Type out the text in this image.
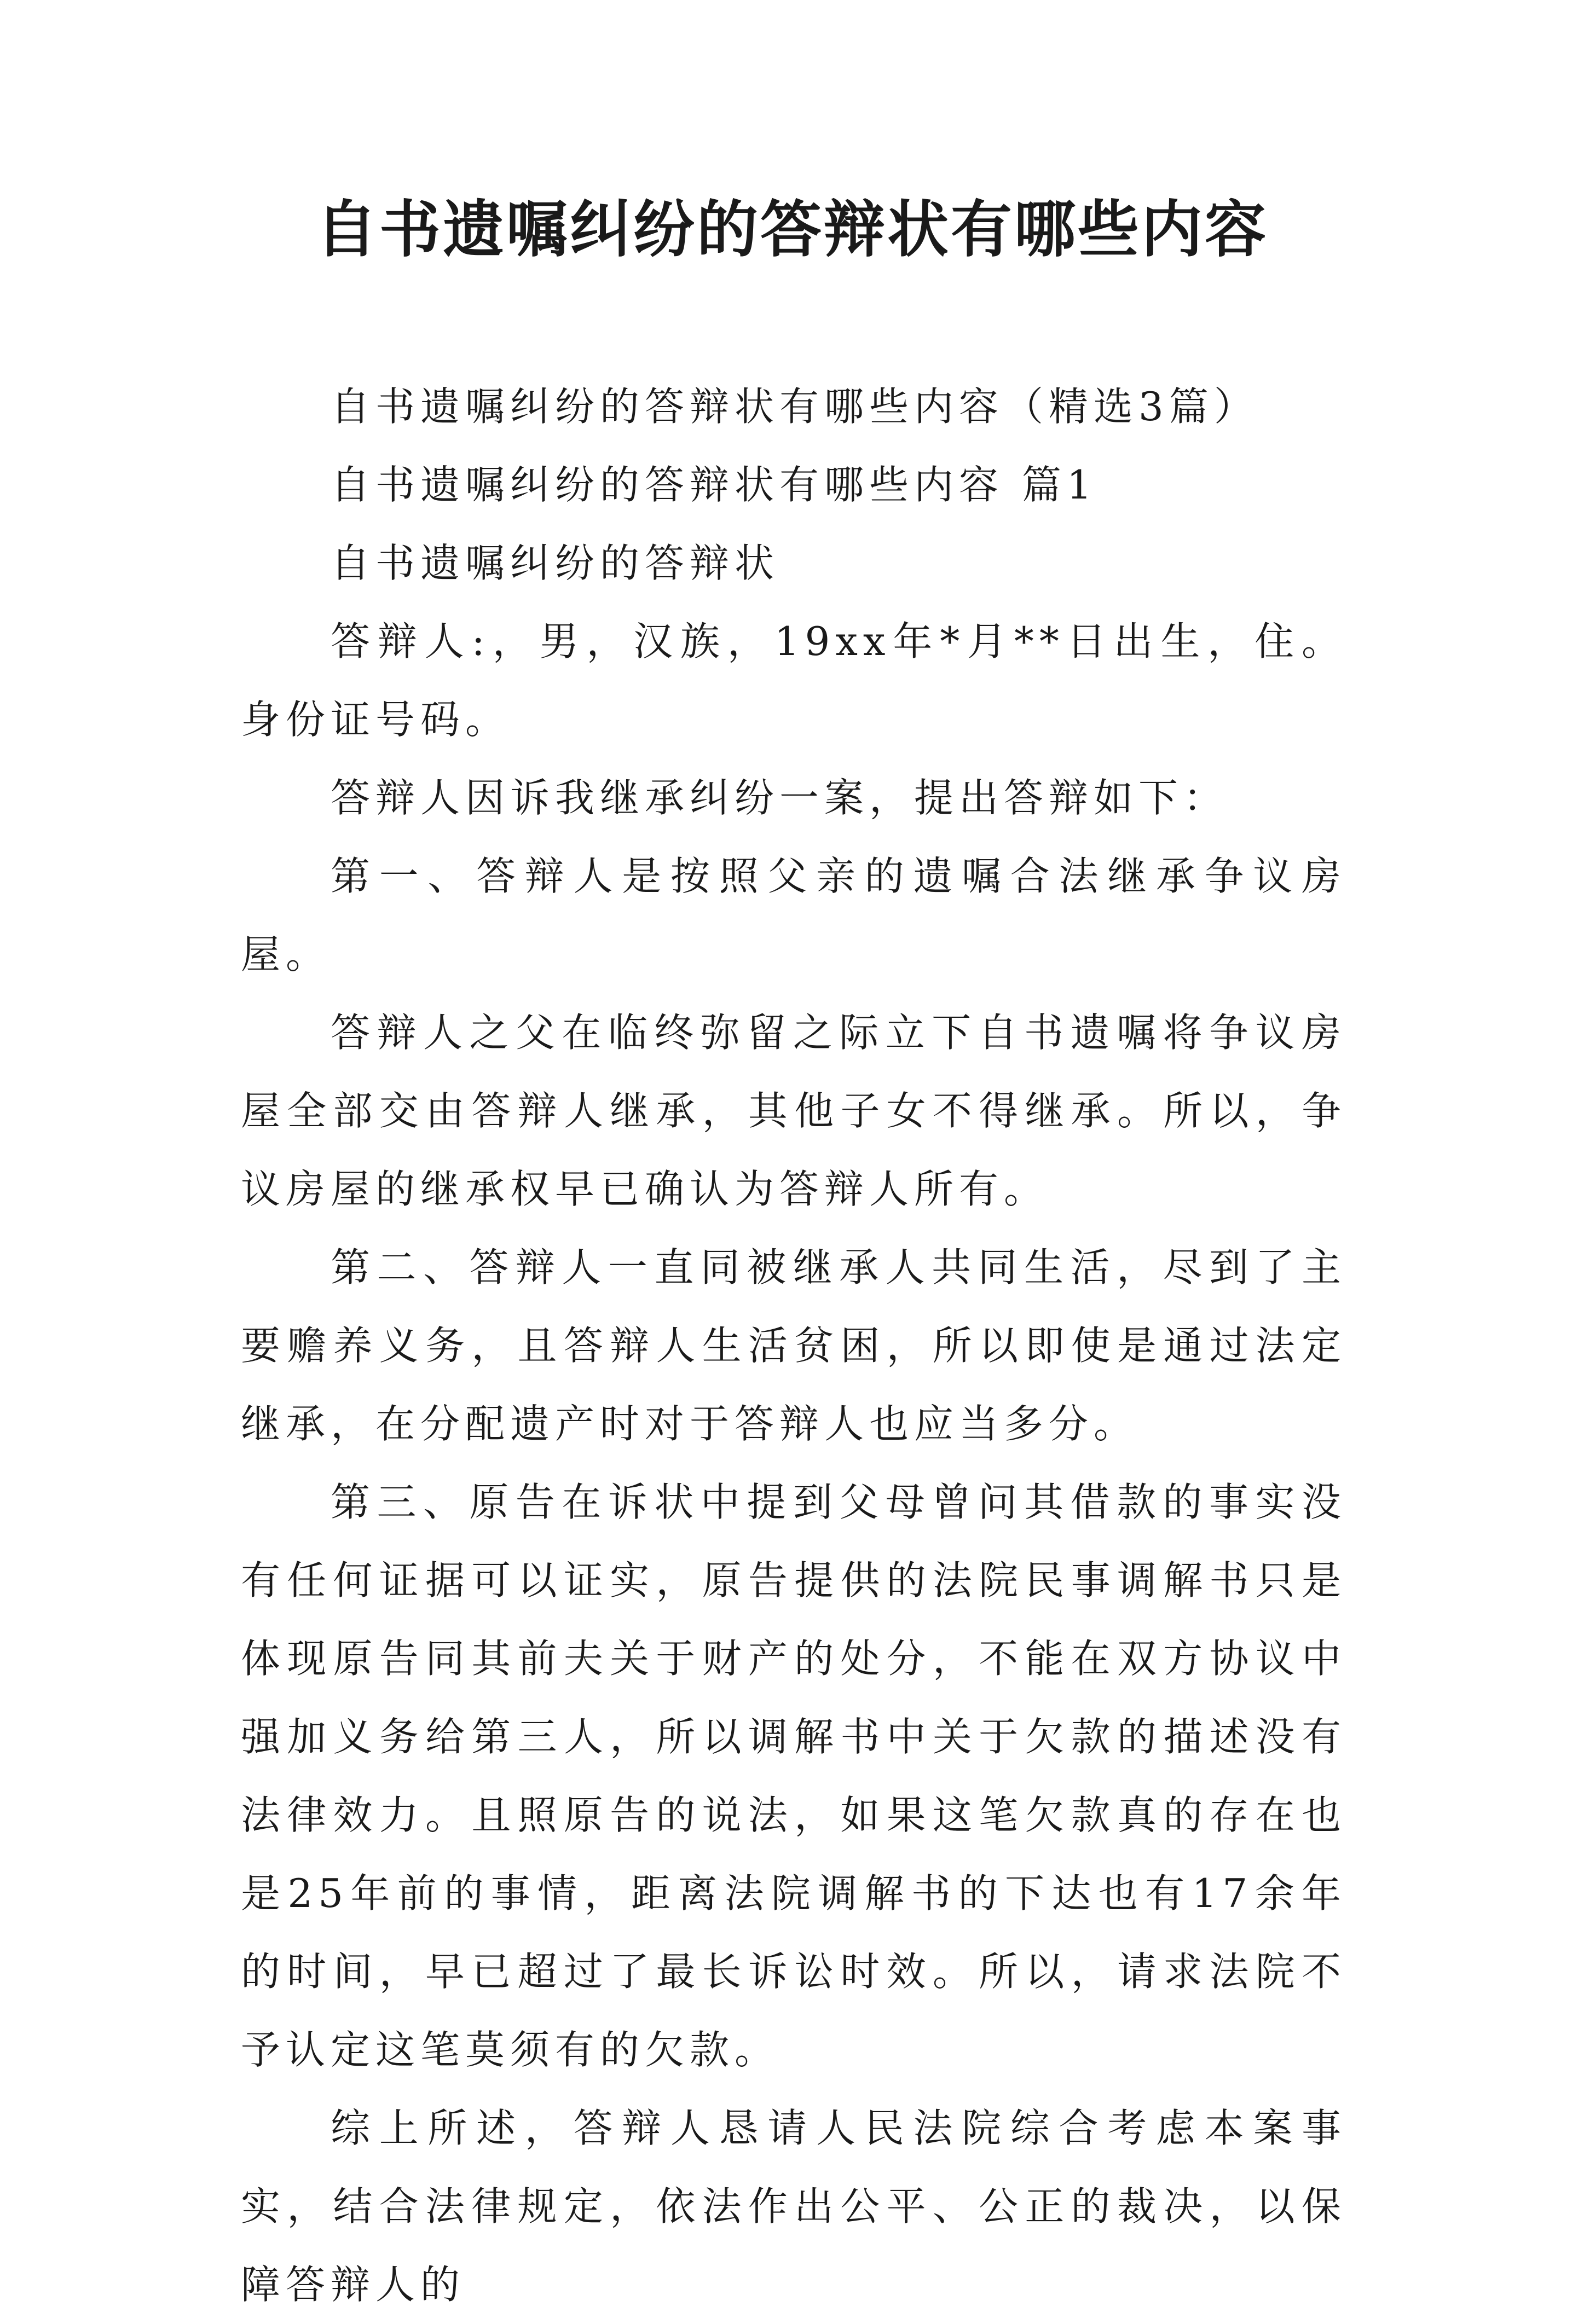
自书遗嘱纠纷的答辩状有哪些内容

自书遗嘱纠纷的答辩状有哪些内容（精选3篇）

自书遗嘱纠纷的答辩状有哪些内容 篇1

自书遗嘱纠纷的答辩状

答辩人:，男，汉族，19xx年*月**日出生，住。身份证号码。

答辩人因诉我继承纠纷一案，提出答辩如下：

第一、答辩人是按照父亲的遗嘱合法继承争议房屋。

答辩人之父在临终弥留之际立下自书遗嘱将争议房屋全部交由答辩人继承，其他子女不得继承。所以，争议房屋的继承权早已确认为答辩人所有。

第二、答辩人一直同被继承人共同生活，尽到了主要赡养义务，且答辩人生活贫困，所以即使是通过法定继承，在分配遗产时对于答辩人也应当多分。

第三、原告在诉状中提到父母曾问其借款的事实没有任何证据可以证实，原告提供的法院民事调解书只是体现原告同其前夫关于财产的处分，不能在双方协议中强加义务给第三人，所以调解书中关于欠款的描述没有法律效力。且照原告的说法，如果这笔欠款真的存在也是25年前的事情，距离法院调解书的下达也有17余年的时间，早已超过了最长诉讼时效。所以，请求法院不予认定这笔莫须有的欠款。

综上所述，答辩人恳请人民法院综合考虑本案事实，结合法律规定，依法作出公平、公正的裁决，以保障答辩人的
